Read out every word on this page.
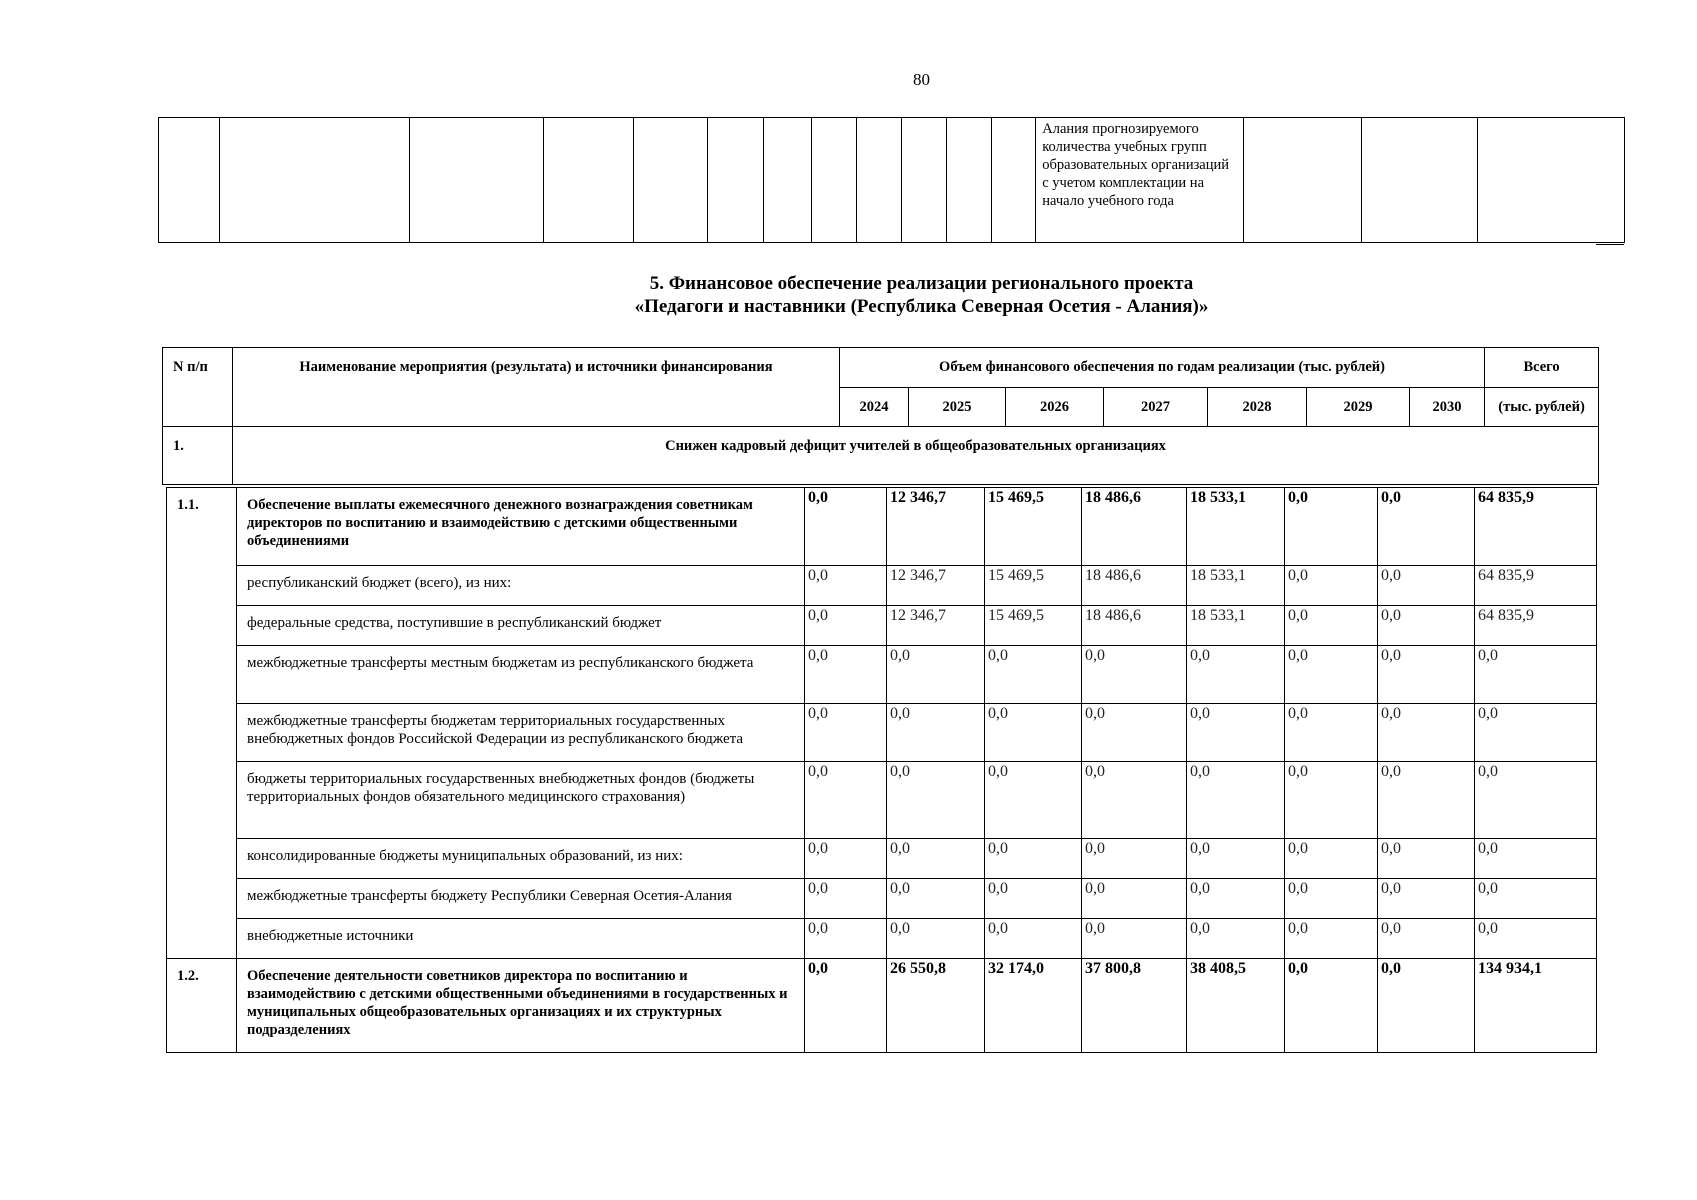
80
												Алания прогнозируемого количества учебных групп образовательных организаций с учетом комплектации на начало учебного года			
5. Финансовое обеспечение реализации регионального проекта
«Педагоги и наставники (Республика Северная Осетия - Алания)»
N п/п	Наименование мероприятия (результата) и источники финансирования	Объем финансового обеспечения по годам реализации (тыс. рублей)							Всего
		2024	2025	2026	2027	2028	2029	2030	(тыс. рублей)
1.	Снижен кадровый дефицит учителей в общеобразовательных организациях								
1.1.	Обеспечение выплаты ежемесячного денежного вознаграждения советникам директоров по воспитанию и взаимодействию с детскими общественными объединениями	0,0	12 346,7	15 469,5	18 486,6	18 533,1	0,0	0,0	64 835,9
	республиканский бюджет (всего), из них:	0,0	12 346,7	15 469,5	18 486,6	18 533,1	0,0	0,0	64 835,9
	федеральные средства, поступившие в республиканский бюджет	0,0	12 346,7	15 469,5	18 486,6	18 533,1	0,0	0,0	64 835,9
	межбюджетные трансферты местным бюджетам из республиканского бюджета	0,0	0,0	0,0	0,0	0,0	0,0	0,0	0,0
	межбюджетные трансферты бюджетам территориальных государственных внебюджетных фондов Российской Федерации из республиканского бюджета	0,0	0,0	0,0	0,0	0,0	0,0	0,0	0,0
	бюджеты территориальных государственных внебюджетных фондов (бюджеты территориальных фондов обязательного медицинского страхования)	0,0	0,0	0,0	0,0	0,0	0,0	0,0	0,0
	консолидированные бюджеты муниципальных образований, из них:	0,0	0,0	0,0	0,0	0,0	0,0	0,0	0,0
	межбюджетные трансферты бюджету Республики Северная Осетия-Алания	0,0	0,0	0,0	0,0	0,0	0,0	0,0	0,0
	внебюджетные источники	0,0	0,0	0,0	0,0	0,0	0,0	0,0	0,0
1.2.	Обеспечение деятельности советников директора по воспитанию и взаимодействию с детскими общественными объединениями в государственных и муниципальных общеобразовательных организациях и их структурных подразделениях	0,0	26 550,8	32 174,0	37 800,8	38 408,5	0,0	0,0	134 934,1
